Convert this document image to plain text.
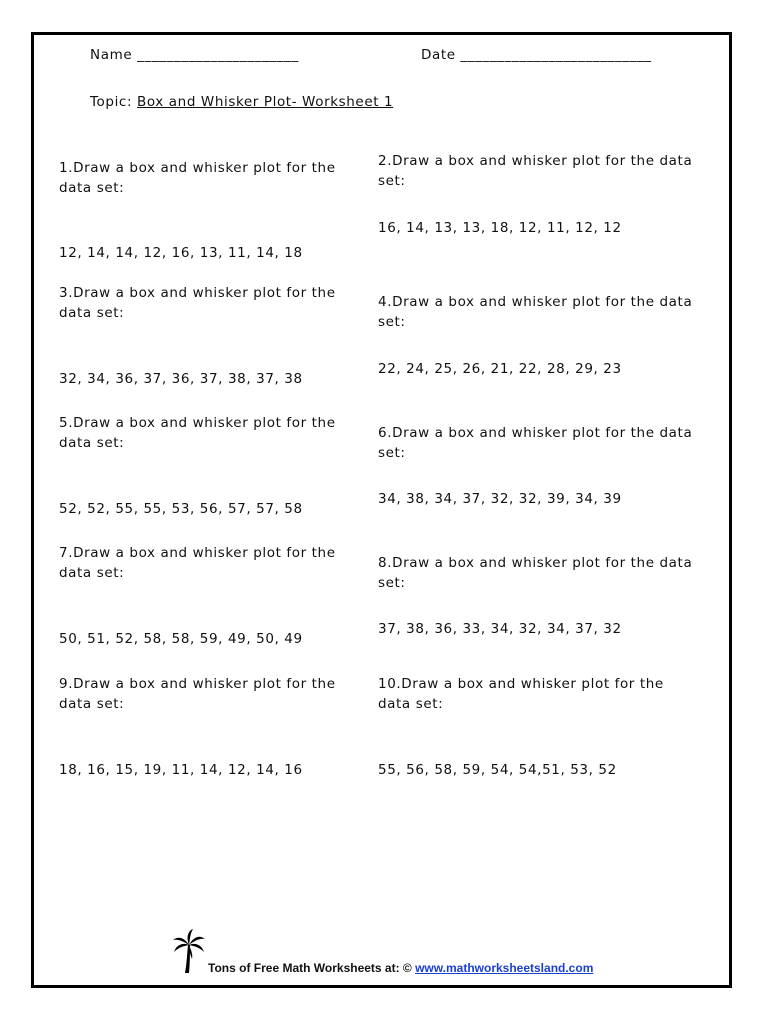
Name ______________________	Date __________________________
Topic: Box and Whisker Plot- Worksheet 1
1.Draw a box and whisker plot for the data set:
12, 14, 14, 12, 16, 13, 11, 14, 18
2.Draw a box and whisker plot for the data set:
16, 14, 13, 13, 18, 12, 11, 12, 12
3.Draw a box and whisker plot for the data set:
32, 34, 36, 37, 36, 37, 38, 37, 38
4.Draw a box and whisker plot for the data set:
22, 24, 25, 26, 21, 22, 28, 29, 23
5.Draw a box and whisker plot for the data set:
52, 52, 55, 55, 53, 56, 57, 57, 58
6.Draw a box and whisker plot for the data set:
34, 38, 34, 37, 32, 32, 39, 34, 39
7.Draw a box and whisker plot for the data set:
50, 51, 52, 58, 58, 59, 49, 50, 49
8.Draw a box and whisker plot for the data set:
37, 38, 36, 33, 34, 32, 34, 37, 32
9.Draw a box and whisker plot for the data set:
18, 16, 15, 19, 11, 14, 12, 14, 16
10.Draw a box and whisker plot for the data set:
55, 56, 58, 59, 54, 54,51, 53, 52
Tons of Free Math Worksheets at: © www.mathworksheetsland.com
